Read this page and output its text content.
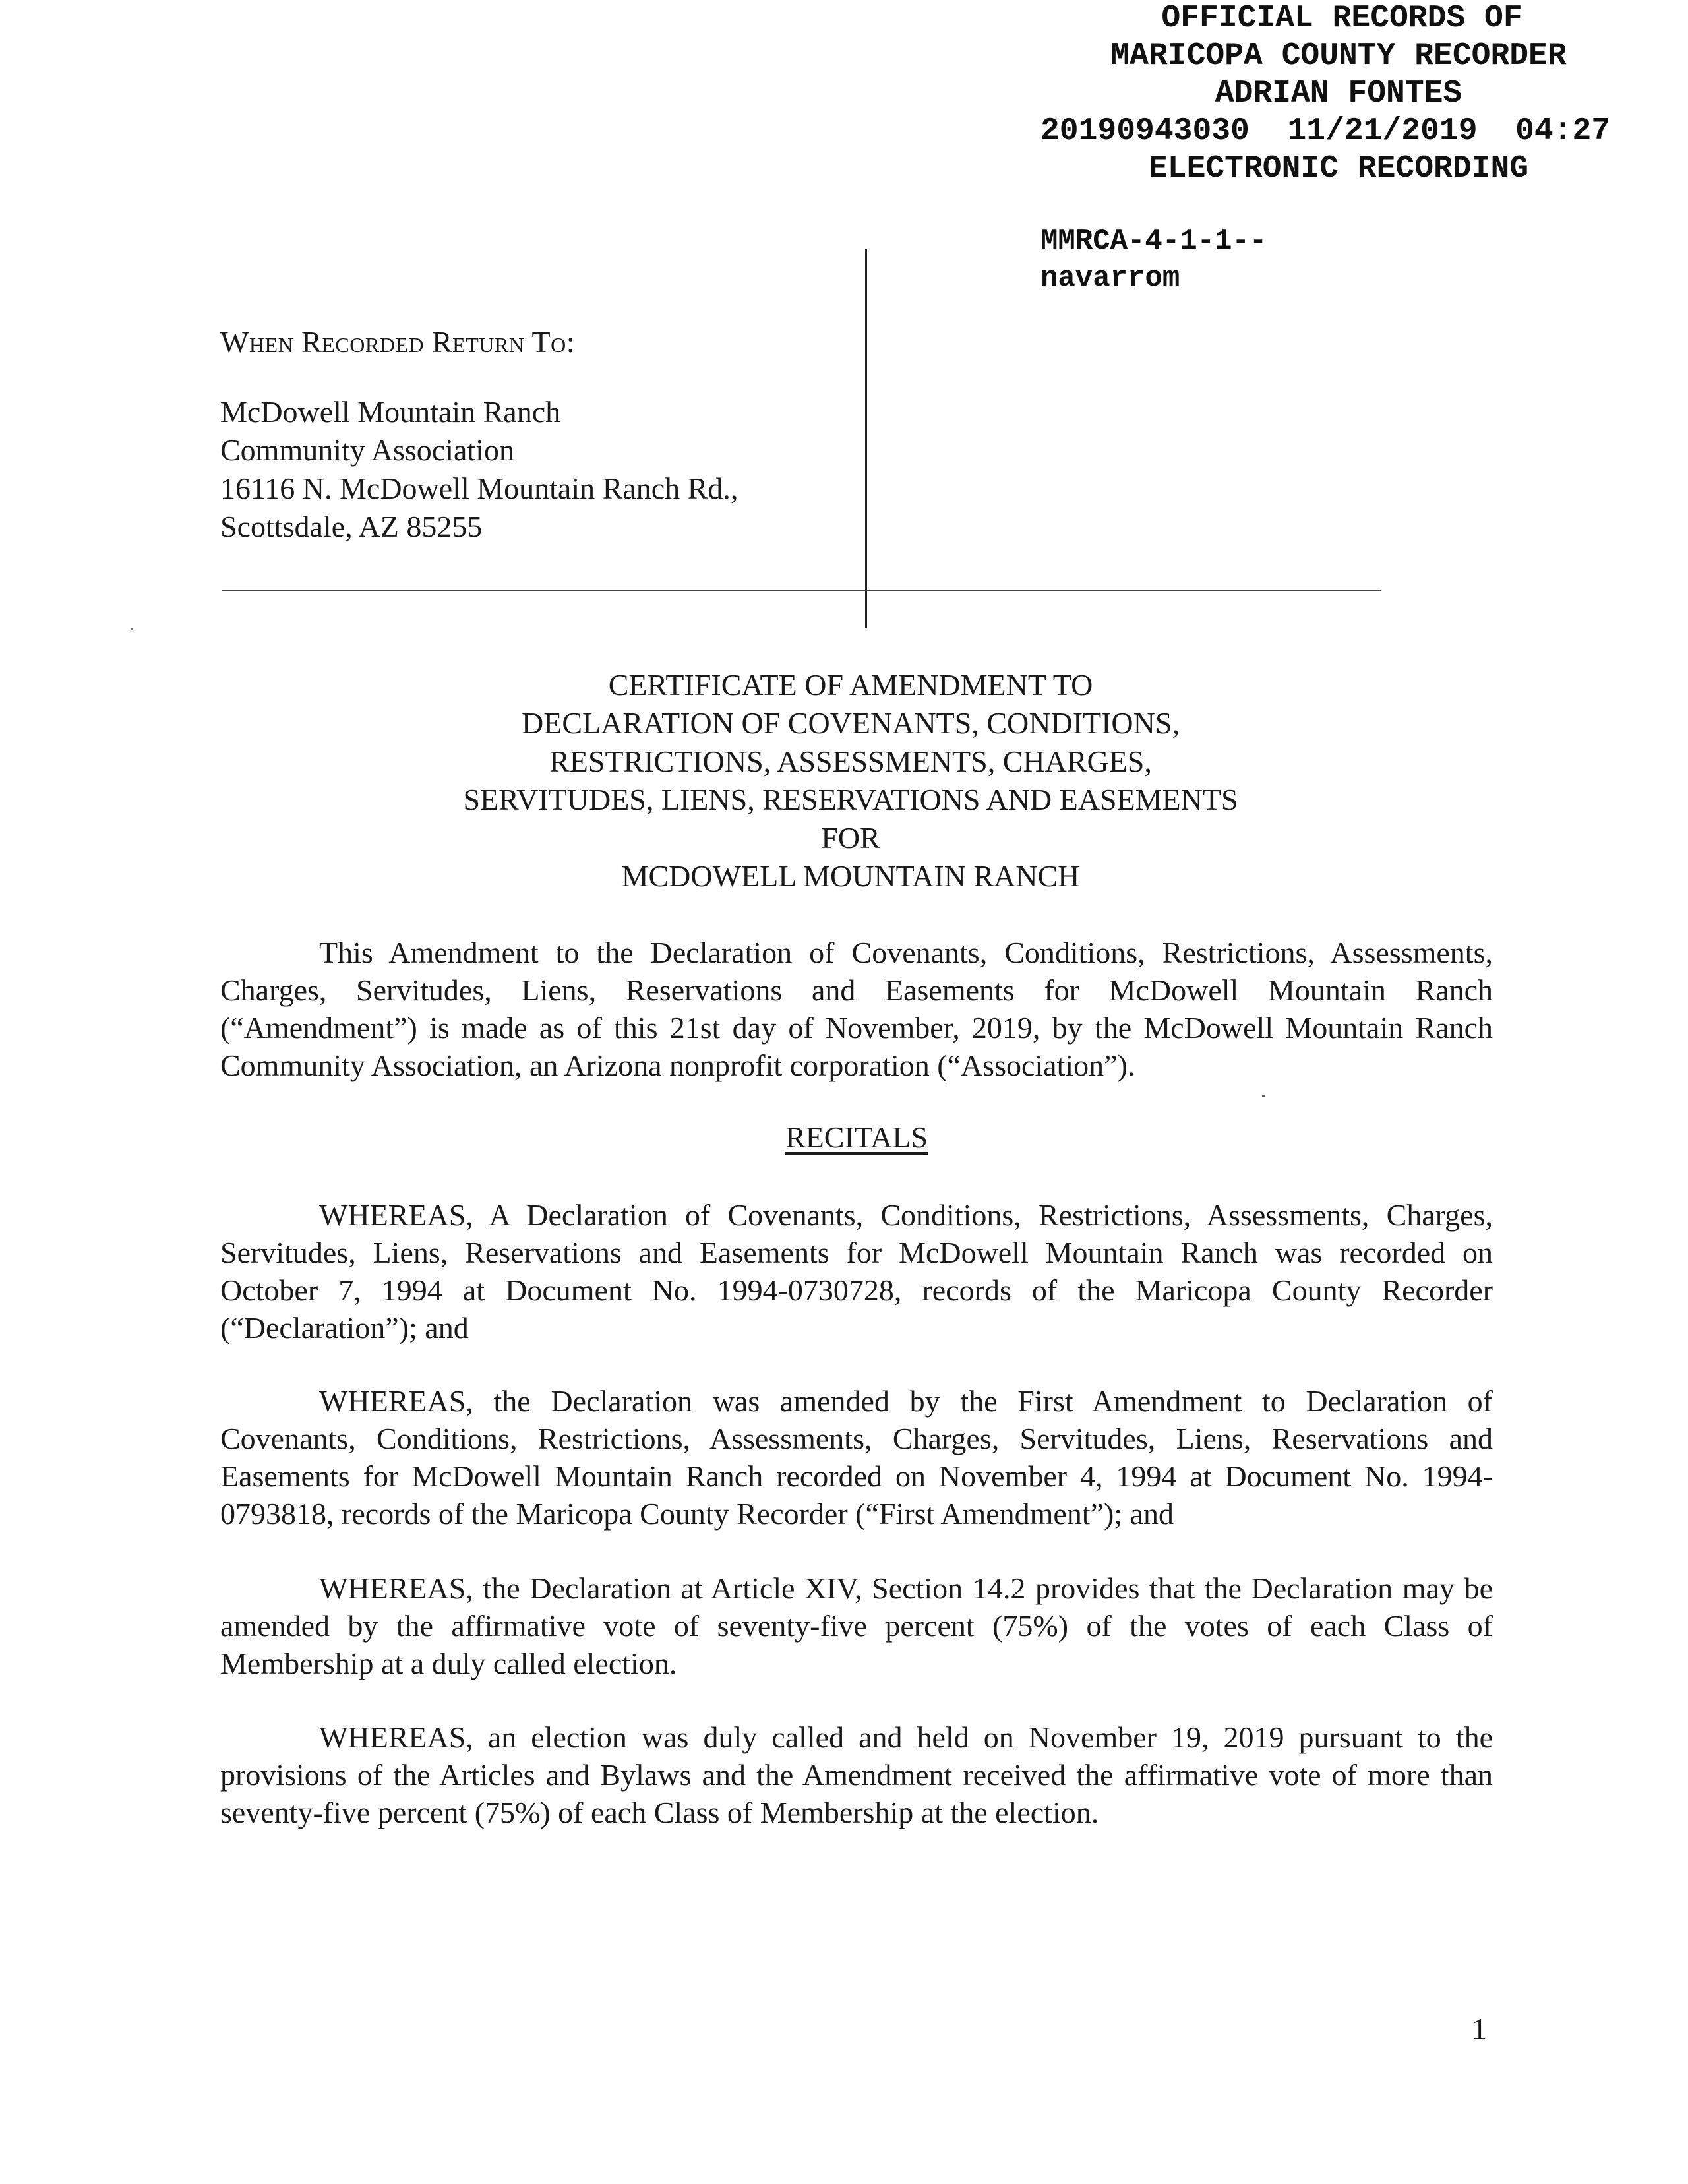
OFFICIAL RECORDS OF
MARICOPA COUNTY RECORDER
ADRIAN FONTES
20190943030  11/21/2019  04:27
ELECTRONIC RECORDING
MMRCA-4-1-1--
navarrom
When Recorded Return To:
McDowell Mountain Ranch
Community Association
16116 N. McDowell Mountain Ranch Rd.,
Scottsdale, AZ 85255
CERTIFICATE OF AMENDMENT TO
DECLARATION OF COVENANTS, CONDITIONS,
RESTRICTIONS, ASSESSMENTS, CHARGES,
SERVITUDES, LIENS, RESERVATIONS AND EASEMENTS
FOR
MCDOWELL MOUNTAIN RANCH

This Amendment to the Declaration of Covenants, Conditions, Restrictions, Assessments, Charges, Servitudes, Liens, Reservations and Easements for McDowell Mountain Ranch (“Amendment”) is made as of this 21st day of November, 2019, by the McDowell Mountain Ranch Community Association, an Arizona nonprofit corporation (“Association”).

RECITALS

WHEREAS, A Declaration of Covenants, Conditions, Restrictions, Assessments, Charges, Servitudes, Liens, Reservations and Easements for McDowell Mountain Ranch was recorded on October 7, 1994 at Document No. 1994-0730728, records of the Maricopa County Recorder (“Declaration”); and

WHEREAS, the Declaration was amended by the First Amendment to Declaration of Covenants, Conditions, Restrictions, Assessments, Charges, Servitudes, Liens, Reservations and Easements for McDowell Mountain Ranch recorded on November 4, 1994 at Document No. 1994-0793818, records of the Maricopa County Recorder (“First Amendment”); and

WHEREAS, the Declaration at Article XIV, Section 14.2 provides that the Declaration may be amended by the affirmative vote of seventy-five percent (75%) of the votes of each Class of Membership at a duly called election.

WHEREAS, an election was duly called and held on November 19, 2019 pursuant to the provisions of the Articles and Bylaws and the Amendment received the affirmative vote of more than seventy-five percent (75%) of each Class of Membership at the election.

1
